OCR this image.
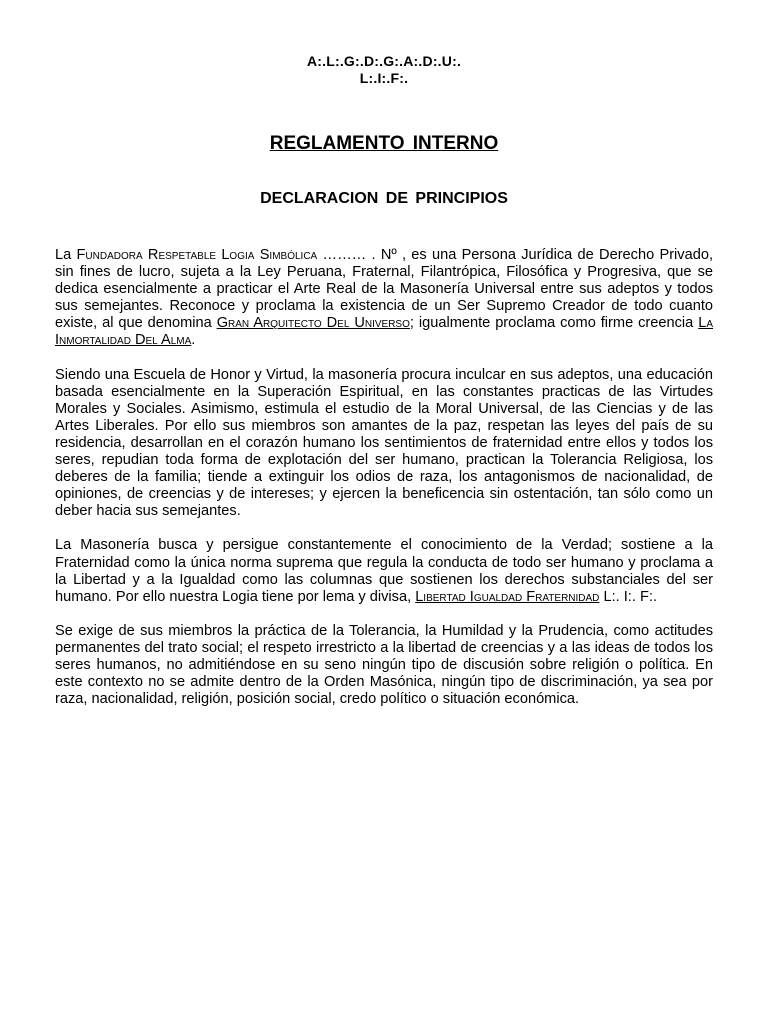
A:.L:.G:.D:.G:.A:.D:.U:.
L:.I:.F:.
REGLAMENTO INTERNO
DECLARACION DE PRINCIPIOS

La Fundadora Respetable Logia Simbólica ……… . Nº , es una Persona Jurídica de Derecho Privado, sin fines de lucro, sujeta a la Ley Peruana, Fraternal, Filantrópica, Filosófica y Progresiva, que se dedica esencialmente a practicar el Arte Real de la Masonería Universal entre sus adeptos y todos sus semejantes. Reconoce y proclama la existencia de un Ser Supremo Creador de todo cuanto existe, al que denomina Gran Arquitecto Del Universo; igualmente proclama como firme creencia La Inmortalidad Del Alma.

Siendo una Escuela de Honor y Virtud, la masonería procura inculcar en sus adeptos, una educación basada esencialmente en la Superación Espiritual, en las constantes practicas de las Virtudes Morales y Sociales. Asimismo, estimula el estudio de la Moral Universal, de las Ciencias y de las Artes Liberales. Por ello sus miembros son amantes de la paz, respetan las leyes del país de su residencia, desarrollan en el corazón humano los sentimientos de fraternidad entre ellos y todos los seres, repudian toda forma de explotación del ser humano, practican la Tolerancia Religiosa, los deberes de la familia; tiende a extinguir los odios de raza, los antagonismos de nacionalidad, de opiniones, de creencias y de intereses; y ejercen la beneficencia sin ostentación, tan sólo como un deber hacia sus semejantes.

La Masonería busca y persigue constantemente el conocimiento de la Verdad; sostiene a la Fraternidad como la única norma suprema que regula la conducta de todo ser humano y proclama a la Libertad y a la Igualdad como las columnas que sostienen los derechos substanciales del ser humano. Por ello nuestra Logia tiene por lema y divisa, Libertad Igualdad Fraternidad L:. I:. F:.

Se exige de sus miembros la práctica de la Tolerancia, la Humildad y la Prudencia, como actitudes permanentes del trato social; el respeto irrestricto a la libertad de creencias y a las ideas de todos los seres humanos, no admitiéndose en su seno ningún tipo de discusión sobre religión o política. En este contexto no se admite dentro de la Orden Masónica, ningún tipo de discriminación, ya sea por raza, nacionalidad, religión, posición social, credo político o situación económica.
